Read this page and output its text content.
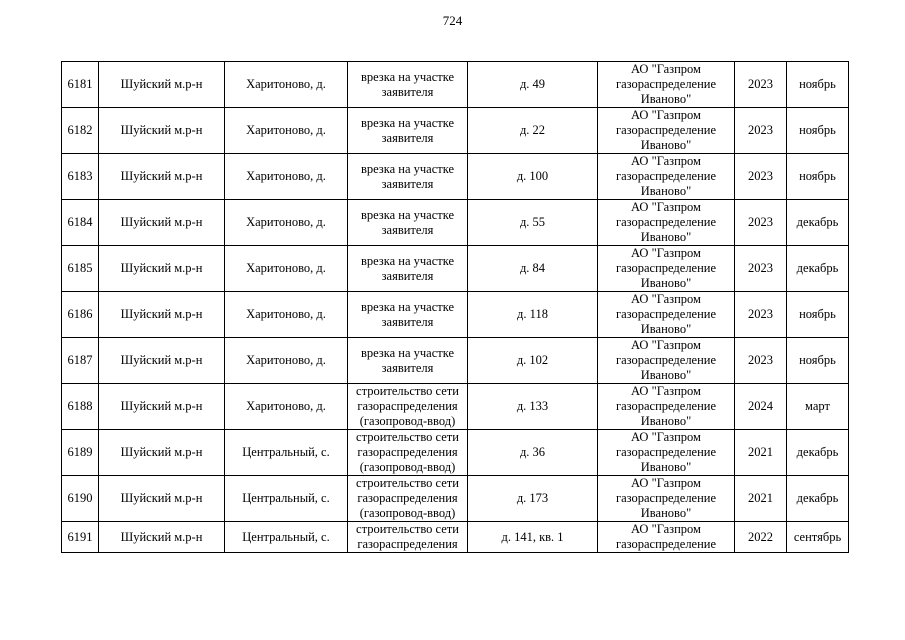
724
6181	Шуйский м.р-н	Харитоново, д.	врезка на участке заявителя	д. 49	АО "Газпром газораспределение Иваново"	2023	ноябрь
6182	Шуйский м.р-н	Харитоново, д.	врезка на участке заявителя	д. 22	АО "Газпром газораспределение Иваново"	2023	ноябрь
6183	Шуйский м.р-н	Харитоново, д.	врезка на участке заявителя	д. 100	АО "Газпром газораспределение Иваново"	2023	ноябрь
6184	Шуйский м.р-н	Харитоново, д.	врезка на участке заявителя	д. 55	АО "Газпром газораспределение Иваново"	2023	декабрь
6185	Шуйский м.р-н	Харитоново, д.	врезка на участке заявителя	д. 84	АО "Газпром газораспределение Иваново"	2023	декабрь
6186	Шуйский м.р-н	Харитоново, д.	врезка на участке заявителя	д. 118	АО "Газпром газораспределение Иваново"	2023	ноябрь
6187	Шуйский м.р-н	Харитоново, д.	врезка на участке заявителя	д. 102	АО "Газпром газораспределение Иваново"	2023	ноябрь
6188	Шуйский м.р-н	Харитоново, д.	строительство сети газораспределения (газопровод-ввод)	д. 133	АО "Газпром газораспределение Иваново"	2024	март
6189	Шуйский м.р-н	Центральный, с.	строительство сети газораспределения (газопровод-ввод)	д. 36	АО "Газпром газораспределение Иваново"	2021	декабрь
6190	Шуйский м.р-н	Центральный, с.	строительство сети газораспределения (газопровод-ввод)	д. 173	АО "Газпром газораспределение Иваново"	2021	декабрь
6191	Шуйский м.р-н	Центральный, с.	строительство сети газораспределения	д. 141, кв. 1	АО "Газпром газораспределение	2022	сентябрь
